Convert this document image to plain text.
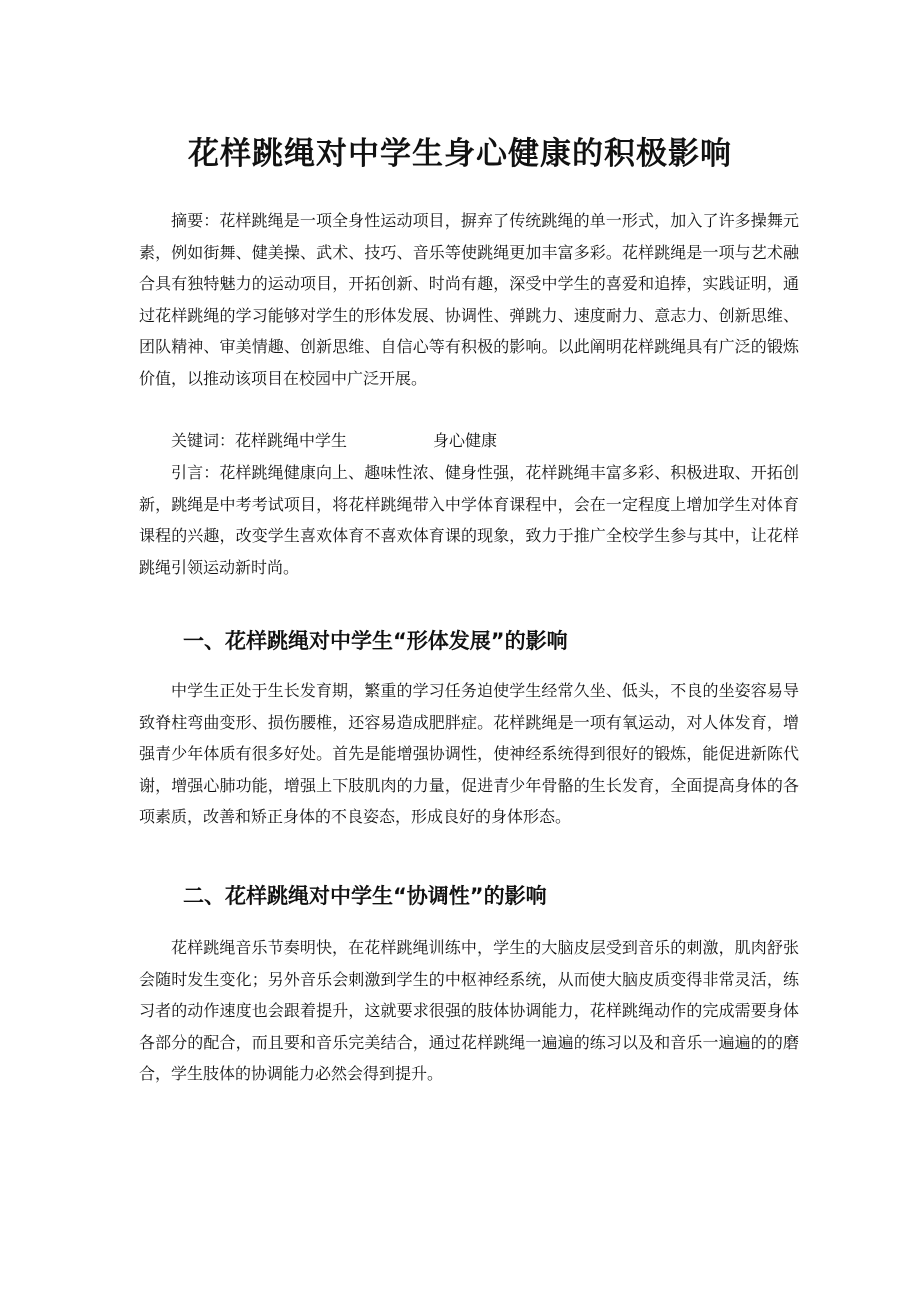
花样跳绳对中学生身心健康的积极影响

摘要：花样跳绳是一项全身性运动项目，摒弃了传统跳绳的单一形式，加入了许多操舞元素，例如街舞、健美操、武术、技巧、音乐等使跳绳更加丰富多彩。花样跳绳是一项与艺术融合具有独特魅力的运动项目，开拓创新、时尚有趣，深受中学生的喜爱和追捧，实践证明，通过花样跳绳的学习能够对学生的形体发展、协调性、弹跳力、速度耐力、意志力、创新思维、团队精神、审美情趣、创新思维、自信心等有积极的影响。以此阐明花样跳绳具有广泛的锻炼价值，以推动该项目在校园中广泛开展。

关键词：花样跳绳中学生	身心健康

引言：花样跳绳健康向上、趣味性浓、健身性强，花样跳绳丰富多彩、积极进取、开拓创新，跳绳是中考考试项目，将花样跳绳带入中学体育课程中，会在一定程度上增加学生对体育课程的兴趣，改变学生喜欢体育不喜欢体育课的现象，致力于推广全校学生参与其中，让花样跳绳引领运动新时尚。

一、花样跳绳对中学生“形体发展”的影响

中学生正处于生长发育期，繁重的学习任务迫使学生经常久坐、低头，不良的坐姿容易导致脊柱弯曲变形、损伤腰椎，还容易造成肥胖症。花样跳绳是一项有氧运动，对人体发育，增强青少年体质有很多好处。首先是能增强协调性，使神经系统得到很好的锻炼，能促进新陈代谢，增强心肺功能，增强上下肢肌肉的力量，促进青少年骨骼的生长发育，全面提高身体的各项素质，改善和矫正身体的不良姿态，形成良好的身体形态。

二、花样跳绳对中学生“协调性”的影响

花样跳绳音乐节奏明快，在花样跳绳训练中，学生的大脑皮层受到音乐的刺激，肌肉舒张会随时发生变化；另外音乐会刺激到学生的中枢神经系统，从而使大脑皮质变得非常灵活，练习者的动作速度也会跟着提升，这就要求很强的肢体协调能力，花样跳绳动作的完成需要身体各部分的配合，而且要和音乐完美结合，通过花样跳绳一遍遍的练习以及和音乐一遍遍的的磨合，学生肢体的协调能力必然会得到提升。
